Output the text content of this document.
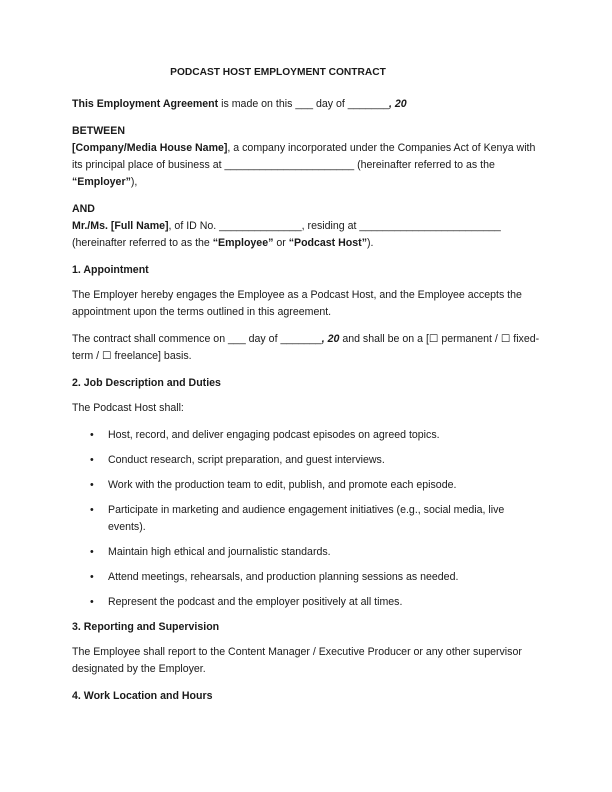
PODCAST HOST EMPLOYMENT CONTRACT

This Employment Agreement is made on this ___ day of _______, 20

BETWEEN

[Company/Media House Name], a company incorporated under the Companies Act of Kenya with its principal place of business at ______________________ (hereinafter referred to as the “Employer”),

AND

Mr./Ms. [Full Name], of ID No. ______________, residing at ________________________
(hereinafter referred to as the “Employee” or “Podcast Host”).

1. Appointment

The Employer hereby engages the Employee as a Podcast Host, and the Employee accepts the appointment upon the terms outlined in this agreement.

The contract shall commence on ___ day of _______, 20 and shall be on a [☐ permanent / ☐ fixed-term / ☐ freelance] basis.

2. Job Description and Duties

The Podcast Host shall:

• Host, record, and deliver engaging podcast episodes on agreed topics.
• Conduct research, script preparation, and guest interviews.
• Work with the production team to edit, publish, and promote each episode.
• Participate in marketing and audience engagement initiatives (e.g., social media, live events).
• Maintain high ethical and journalistic standards.
• Attend meetings, rehearsals, and production planning sessions as needed.
• Represent the podcast and the employer positively at all times.

3. Reporting and Supervision

The Employee shall report to the Content Manager / Executive Producer or any other supervisor designated by the Employer.

4. Work Location and Hours
